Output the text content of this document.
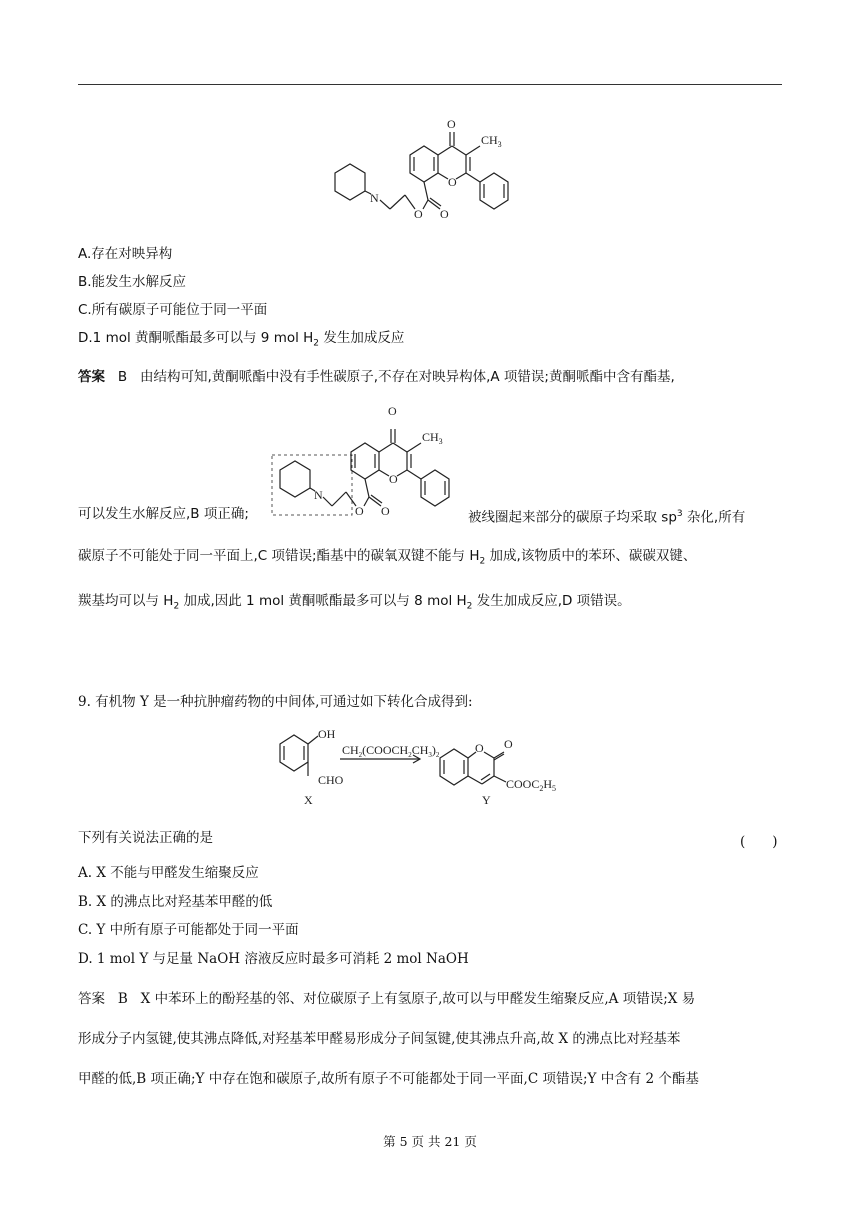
O
$CH_3$
O
N
O O
A.存在对映异构
B.能发生水解反应
C.所有碳原子可能位于同一平面
D.1 mol 黄酮哌酯最多可以与 9 mol $H_2$ 发生加成反应
答案 B 由结构可知,黄酮哌酯中没有手性碳原子,不存在对映异构体,A 项错误;黄酮哌酯中含有酯基,
O
$CH_3$
O
N
O O
可以发生水解反应,B 项正确;	被线圈起来部分的碳原子均采取 $sp^3$ 杂化,所有
碳原子不可能处于同一平面上,C 项错误;酯基中的碳氧双键不能与 $H_2$ 加成,该物质中的苯环、碳碳双键、
羰基均可以与 $H_2$ 加成,因此 1 mol 黄酮哌酯最多可以与 8 mol $H_2$ 发生加成反应,D 项错误。
9. 有机物 Y 是一种抗肿瘤药物的中间体,可通过如下转化合成得到:
OH
CHO
X
$CH_2(COOCH_2CH_3)_2$	O O
$COOC_2H_5$
Y
下列有关说法正确的是	(　　)
A. X 不能与甲醛发生缩聚反应
B. X 的沸点比对羟基苯甲醛的低
C. Y 中所有原子可能都处于同一平面
D. 1 mol Y 与足量 NaOH 溶液反应时最多可消耗 2 mol NaOH
答案 B X 中苯环上的酚羟基的邻、对位碳原子上有氢原子,故可以与甲醛发生缩聚反应,A 项错误;X 易
形成分子内氢键,使其沸点降低,对羟基苯甲醛易形成分子间氢键,使其沸点升高,故 X 的沸点比对羟基苯
甲醛的低,B 项正确;Y 中存在饱和碳原子,故所有原子不可能都处于同一平面,C 项错误;Y 中含有 2 个酯基
第 5 页 共 21 页
